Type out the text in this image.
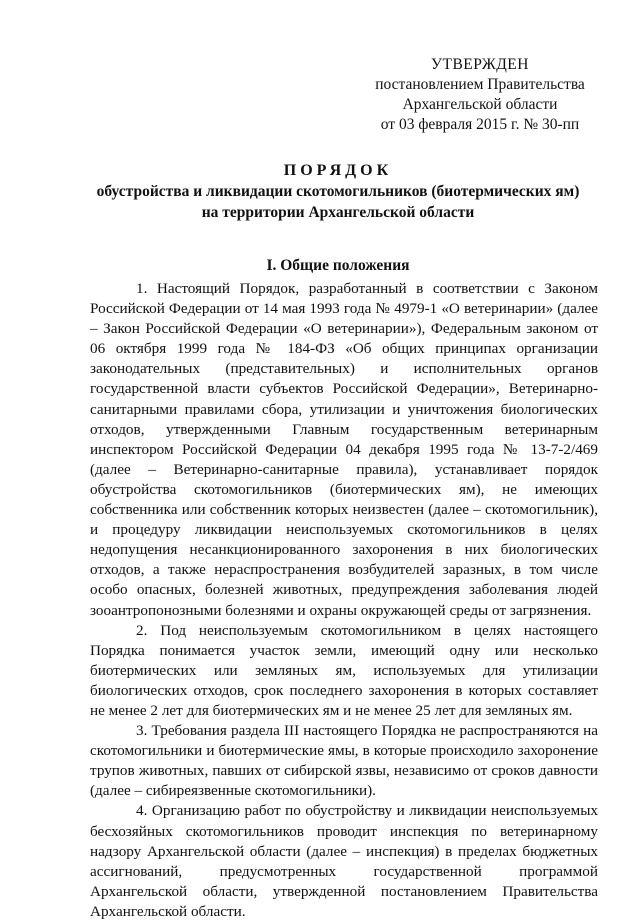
УТВЕРЖДЕН
постановлением Правительства
Архангельской области
от 03 февраля 2015 г. № 30-пп
ПОРЯДОК
обустройства и ликвидации скотомогильников (биотермических ям)
на территории Архангельской области
I. Общие положения

1. Настоящий Порядок, разработанный в соответствии с Законом Российской Федерации от 14 мая 1993 года № 4979-1 «О ветеринарии» (далее – Закон Российской Федерации «О ветеринарии»), Федеральным законом от 06 октября 1999 года № 184-ФЗ «Об общих принципах организации законодательных (представительных) и исполнительных органов государственной власти субъектов Российской Федерации», Ветеринарно-санитарными правилами сбора, утилизации и уничтожения биологических отходов, утвержденными Главным государственным ветеринарным инспектором Российской Федерации 04 декабря 1995 года № 13-7-2/469 (далее – Ветеринарно-санитарные правила), устанавливает порядок обустройства скотомогильников (биотермических ям), не имеющих собственника или собственник которых неизвестен (далее – скотомогильник), и процедуру ликвидации неиспользуемых скотомогильников в целях недопущения несанкционированного захоронения в них биологических отходов, а также нераспространения возбудителей заразных, в том числе особо опасных, болезней животных, предупреждения заболевания людей зооантропонозными болезнями и охраны окружающей среды от загрязнения.

2. Под неиспользуемым скотомогильником в целях настоящего Порядка понимается участок земли, имеющий одну или несколько биотермических или земляных ям, используемых для утилизации биологических отходов, срок последнего захоронения в которых составляет не менее 2 лет для биотермических ям и не менее 25 лет для земляных ям.

3. Требования раздела III настоящего Порядка не распространяются на скотомогильники и биотермические ямы, в которые происходило захоронение трупов животных, павших от сибирской язвы, независимо от сроков давности (далее – сибиреязвенные скотомогильники).

4. Организацию работ по обустройству и ликвидации неиспользуемых бесхозяйных скотомогильников проводит инспекция по ветеринарному надзору Архангельской области (далее – инспекция) в пределах бюджетных ассигнований, предусмотренных государственной программой Архангельской области, утвержденной постановлением Правительства Архангельской области.
